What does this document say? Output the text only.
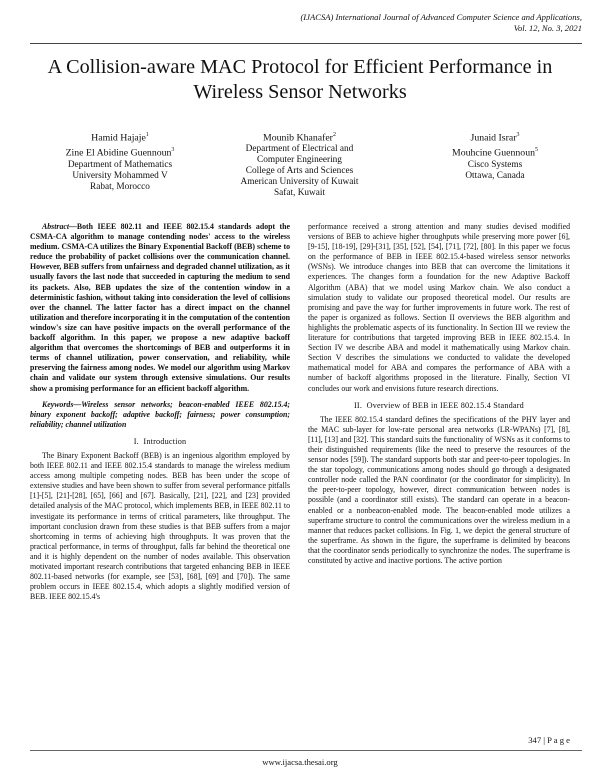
(IJACSA) International Journal of Advanced Computer Science and Applications,
Vol. 12, No. 3, 2021
A Collision-aware MAC Protocol for Efficient Performance in Wireless Sensor Networks
Hamid Hajaje$^1$
Zine El Abidine Guennoun$^3$
Department of Mathematics
University Mohammed V
Rabat, Morocco
Mounib Khanafer$^2$
Department of Electrical and
Computer Engineering
College of Arts and Sciences
American University of Kuwait
Safat, Kuwait
Junaid Israr$^3$
Mouhcine Guennoun$^5$
Cisco Systems
Ottawa, Canada

Abstract—Both IEEE 802.11 and IEEE 802.15.4 standards adopt the CSMA-CA algorithm to manage contending nodes' access to the wireless medium. CSMA-CA utilizes the Binary Exponential Backoff (BEB) scheme to reduce the probability of packet collisions over the communication channel. However, BEB suffers from unfairness and degraded channel utilization, as it usually favors the last node that succeeded in capturing the medium to send its packets. Also, BEB updates the size of the contention window in a deterministic fashion, without taking into consideration the level of collisions over the channel. The latter factor has a direct impact on the channel utilization and therefore incorporating it in the computation of the contention window's size can have positive impacts on the overall performance of the backoff algorithm. In this paper, we propose a new adaptive backoff algorithm that overcomes the shortcomings of BEB and outperforms it in terms of channel utilization, power conservation, and reliability, while preserving the fairness among nodes. We model our algorithm using Markov chain and validate our system through extensive simulations. Our results show a promising performance for an efficient backoff algorithm.

Keywords—Wireless sensor networks; beacon-enabled IEEE 802.15.4; binary exponent backoff; adaptive backoff; fairness; power consumption; reliability; channel utilization

I. Introduction

The Binary Exponent Backoff (BEB) is an ingenious algorithm employed by both IEEE 802.11 and IEEE 802.15.4 standards to manage the wireless medium access among multiple competing nodes. BEB has been under the scope of extensive studies and have been shown to suffer from several performance pitfalls [1]-[5], [21]-[28], [65], [66] and [67]. Basically, [21], [22], and [23] provided detailed analysis of the MAC protocol, which implements BEB, in IEEE 802.11 to investigate its performance in terms of critical parameters, like throughput. The important conclusion drawn from these studies is that BEB suffers from a major shortcoming in terms of achieving high throughputs. It was proven that the practical performance, in terms of throughput, falls far behind the theoretical one and it is highly dependent on the number of nodes available. This observation motivated important research contributions that targeted enhancing BEB in IEEE 802.11-based networks (for example, see [53], [68], [69] and [70]). The same problem occurs in IEEE 802.15.4, which adopts a slightly modified version of BEB. IEEE 802.15.4's

performance received a strong attention and many studies devised modified versions of BEB to achieve higher throughputs while preserving more power [6], [9-15], [18-19], [29]-[31], [35], [52], [54], [71], [72], [80]. In this paper we focus on the performance of BEB in IEEE 802.15.4-based wireless sensor networks (WSNs). We introduce changes into BEB that can overcome the limitations it experiences. The changes form a foundation for the new Adaptive Backoff Algorithm (ABA) that we model using Markov chain. We also conduct a simulation study to validate our proposed theoretical model. Our results are promising and pave the way for further improvements in future work. The rest of the paper is organized as follows. Section II overviews the BEB algorithm and highlights the problematic aspects of its functionality. In Section III we review the literature for contributions that targeted improving BEB in IEEE 802.15.4. In Section IV we describe ABA and model it mathematically using Markov chain. Section V describes the simulations we conducted to validate the developed mathematical model for ABA and compares the performance of ABA with a number of backoff algorithms proposed in the literature. Finally, Section VI concludes our work and envisions future research directions.

II. Overview of BEB in IEEE 802.15.4 Standard

The IEEE 802.15.4 standard defines the specifications of the PHY layer and the MAC sub-layer for low-rate personal area networks (LR-WPANs) [7], [8], [11], [13] and [32]. This standard suits the functionality of WSNs as it conforms to their distinguished requirements (like the need to preserve the resources of the sensor nodes [59]). The standard supports both star and peer-to-peer topologies. In the star topology, communications among nodes should go through a designated controller node called the PAN coordinator (or the coordinator for simplicity). In the peer-to-peer topology, however, direct communication between nodes is possible (and a coordinator still exists). The standard can operate in a beacon-enabled or a nonbeacon-enabled mode. The beacon-enabled mode utilizes a superframe structure to control the communications over the wireless medium in a manner that reduces packet collisions. In Fig. 1, we depict the general structure of the superframe. As shown in the figure, the superframe is delimited by beacons that the coordinator sends periodically to synchronize the nodes. The superframe is constituted by active and inactive portions. The active portion

347 | P a g e
www.ijacsa.thesai.org
